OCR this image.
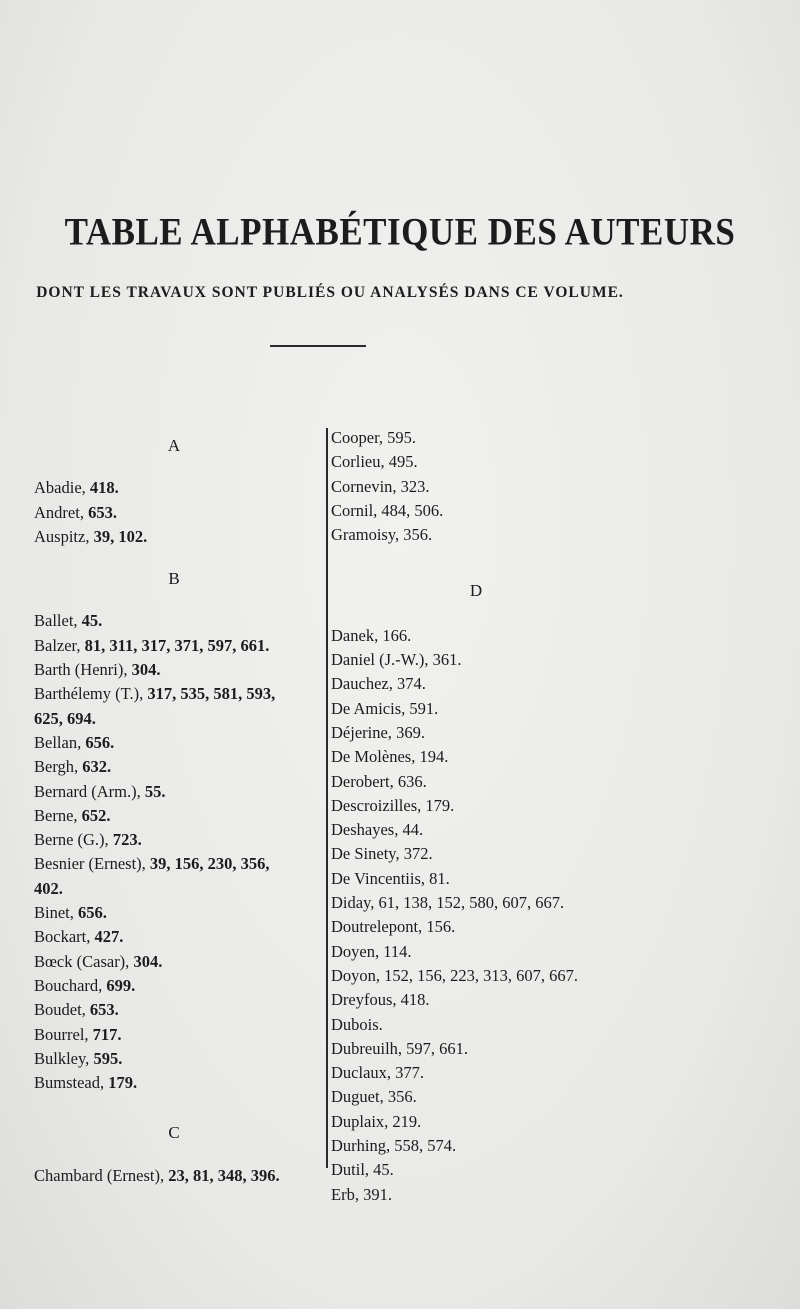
TABLE ALPHABÉTIQUE DES AUTEURS
DONT LES TRAVAUX SONT PUBLIÉS OU ANALYSÉS DANS CE VOLUME.
A
Abadie, 418.
Andret, 653.
Auspitz, 39, 102.
B
Ballet, 45.
Balzer, 81, 311, 317, 371, 597, 661.
Barth (Henri), 304.
Barthélemy (T.), 317, 535, 581, 593,
625, 694.
Bellan, 656.
Bergh, 632.
Bernard (Arm.), 55.
Berne, 652.
Berne (G.), 723.
Besnier (Ernest), 39, 156, 230, 356,
402.
Binet, 656.
Bockart, 427.
Bœck (Casar), 304.
Bouchard, 699.
Boudet, 653.
Bourrel, 717.
Bulkley, 595.
Bumstead, 179.
C
Chambard (Ernest), 23, 81, 348, 396.
Cooper, 595.
Corlieu, 495.
Cornevin, 323.
Cornil, 484, 506.
Gramoisy, 356.
D
Danek, 166.
Daniel (J.-W.), 361.
Dauchez, 374.
De Amicis, 591.
Déjerine, 369.
De Molènes, 194.
Derobert, 636.
Descroizilles, 179.
Deshayes, 44.
De Sinety, 372.
De Vincentiis, 81.
Diday, 61, 138, 152, 580, 607, 667.
Doutrelepont, 156.
Doyen, 114.
Doyon, 152, 156, 223, 313, 607, 667.
Dreyfous, 418.
Dubois.
Dubreuilh, 597, 661.
Duclaux, 377.
Duguet, 356.
Duplaix, 219.
Durhing, 558, 574.
Dutil, 45.
Erb, 391.
